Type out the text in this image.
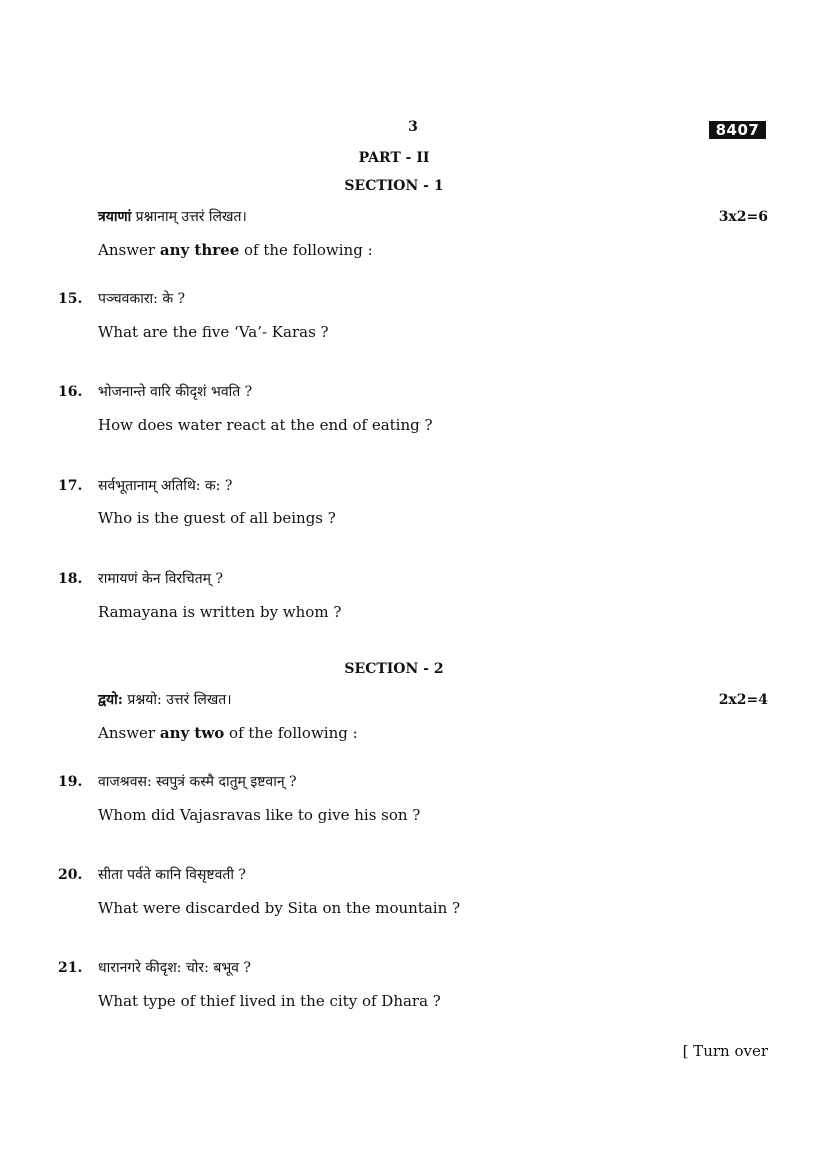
3	8407
PART - II
SECTION - 1
त्रयाणां प्रश्नानाम् उत्तरं लिखत।	3x2=6
Answer any three of the following :
15. पञ्चवकारा: के ?
What are the five ‘Va’- Karas ?
16. भोजनान्ते वारि कीदृशं भवति ?
How does water react at the end of eating ?
17. सर्वभूतानाम् अतिथि: क: ?
Who is the guest of all beings ?
18. रामायणं केन विरचितम् ?
Ramayana is written by whom ?
SECTION - 2
द्वयो: प्रश्नयो: उत्तरं लिखत।	2x2=4
Answer any two of the following :
19. वाजश्रवस: स्वपुत्रं कस्मै दातुम् इष्टवान् ?
Whom did Vajasravas like to give his son ?
20. सीता पर्वते कानि विसृष्टवती ?
What were discarded by Sita on the mountain ?
21. धारानगरे कीदृश: चोर: बभूव ?
What type of thief lived in the city of Dhara ?
[ Turn over
